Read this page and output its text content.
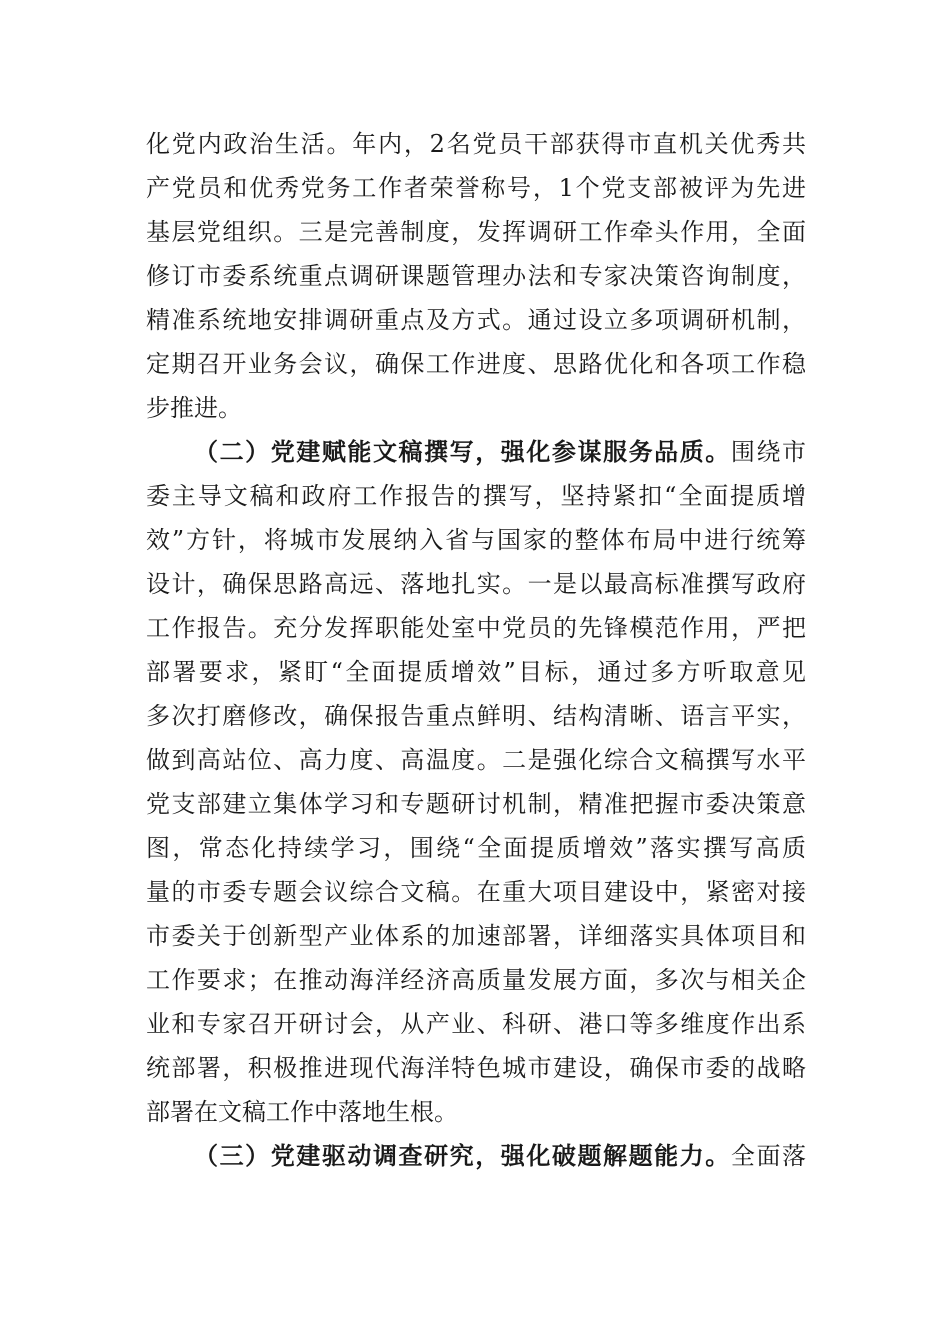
化党内政治生活。年内，2名党员干部获得市直机关优秀共
产党员和优秀党务工作者荣誉称号，1个党支部被评为先进
基层党组织。三是完善制度，发挥调研工作牵头作用，全面
修订市委系统重点调研课题管理办法和专家决策咨询制度，
精准系统地安排调研重点及方式。通过设立多项调研机制，
定期召开业务会议，确保工作进度、思路优化和各项工作稳
步推进。
（二）党建赋能文稿撰写，强化参谋服务品质。围绕市
委主导文稿和政府工作报告的撰写，坚持紧扣“全面提质增
效”方针，将城市发展纳入省与国家的整体布局中进行统筹
设计，确保思路高远、落地扎实。一是以最高标准撰写政府
工作报告。充分发挥职能处室中党员的先锋模范作用，严把
部署要求，紧盯“全面提质增效”目标，通过多方听取意见
多次打磨修改，确保报告重点鲜明、结构清晰、语言平实，
做到高站位、高力度、高温度。二是强化综合文稿撰写水平
党支部建立集体学习和专题研讨机制，精准把握市委决策意
图，常态化持续学习，围绕“全面提质增效”落实撰写高质
量的市委专题会议综合文稿。在重大项目建设中，紧密对接
市委关于创新型产业体系的加速部署，详细落实具体项目和
工作要求；在推动海洋经济高质量发展方面，多次与相关企
业和专家召开研讨会，从产业、科研、港口等多维度作出系
统部署，积极推进现代海洋特色城市建设，确保市委的战略
部署在文稿工作中落地生根。
（三）党建驱动调查研究，强化破题解题能力。全面落
